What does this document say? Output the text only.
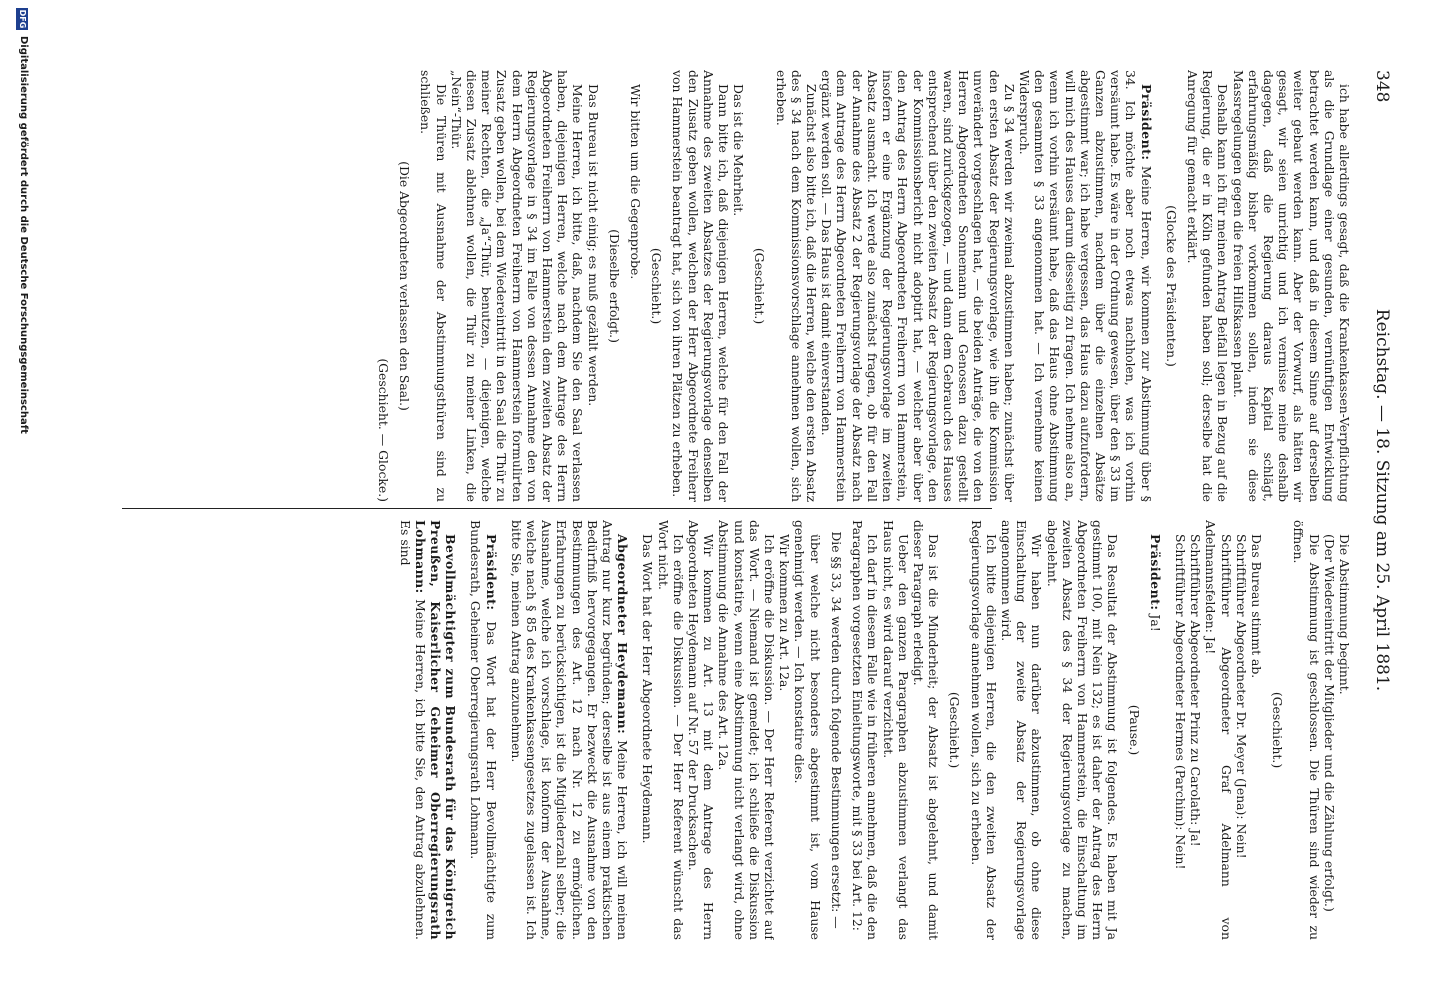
348
Reichstag. — 18. Sitzung am 25. April 1881.

ich habe allerdings gesagt, daß die Krankenkassen-Verpflichtung als die Grundlage einer gesunden, vernünftigen Entwicklung betrachtet werden kann, und daß in diesem Sinne auf derselben weiter gebaut werden kann. Aber der Vorwurf, als hätten wir gesagt, wir seien unrichtig und ich vermisse meine deshalb dagegen, daß die Regierung daraus Kapital schlägt, erfahrungsmäßig bisher vorkommen sollen, indem sie diese Massregelungen gegen die freien Hilfskassen plant.

Deshalb kann ich für meinen Antrag Beifall legen in Bezug auf die Regierung, die er in Köln gefunden haben soll; derselbe hat die Anregung für gemacht erklärt.

(Glocke des Präsidenten.)

Präsident: Meine Herren, wir kommen zur Abstimmung über § 34. Ich möchte aber noch etwas nachholen, was ich vorhin versäumt habe. Es wäre in der Ordnung gewesen, über den § 33 im Ganzen abzustimmen, nachdem über die einzelnen Absätze abgestimmt war; ich habe vergessen, das Haus dazu aufzufordern, will mich des Hauses darum diesseitig zu fragen. Ich nehme also an, wenn ich vorhin versäumt habe, daß das Haus ohne Abstimmung den gesammten § 33 angenommen hat. — Ich vernehme keinen Widerspruch.

Zu § 34 werden wir zweimal abzustimmen haben; zunächst über den ersten Absatz der Regierungsvorlage, wie ihn die Kommission unverändert vorgeschlagen hat, — die beiden Anträge, die von den Herren Abgeordneten Sonnemann und Genossen dazu gestellt waren, sind zurückgezogen, — und dann dem Gebrauch des Hauses entsprechend über den zweiten Absatz der Regierungsvorlage, den der Kommissionsbericht nicht adoptirt hat, — welcher aber über den Antrag des Herrn Abgeordneten Freiherrn von Hammerstein, insofern er eine Ergänzung der Regierungsvorlage im zweiten Absatz ausmacht. Ich werde also zunächst fragen, ob für den Fall der Annahme des Absatz 2 der Regierungsvorlage der Absatz nach dem Antrage des Herrn Abgeordneten Freiherrn von Hammerstein ergänzt werden soll. — Das Haus ist damit einverstanden.

Zunächst also bitte ich, daß die Herren, welche den ersten Absatz des § 34 nach dem Kommissionsvorschlage annehmen wollen, sich erheben.

(Geschieht.)

Das ist die Mehrheit.

Dann bitte ich, daß diejenigen Herren, welche für den Fall der Annahme des zweiten Absatzes der Regierungsvorlage denselben den Zusatz geben wollen, welchen der Herr Abgeordnete Freiherr von Hammerstein beantragt hat, sich von ihren Plätzen zu erheben.

(Geschieht.)

Wir bitten um die Gegenprobe.

(Dieselbe erfolgt.)

Das Bureau ist nicht einig; es muß gezählt werden.

Meine Herren, ich bitte, daß, nachdem Sie den Saal verlassen haben, diejenigen Herren, welche nach dem Antrage des Herrn Abgeordneten Freiherrn von Hammerstein dem zweiten Absatz der Regierungsvorlage in § 34 im Falle von dessen Annahme den von dem Herrn Abgeordneten Freiherrn von Hammerstein formulirten Zusatz geben wollen, bei dem Wiedereintritt in den Saal die Thür zu meiner Rechten, die „Ja“-Thür, benutzen, — diejenigen, welche diesen Zusatz ablehnen wollen, die Thür zu meiner Linken, die „Nein“-Thür.

Die Thüren mit Ausnahme der Abstimmungsthüren sind zu schließen.

(Die Abgeordneten verlassen den Saal.)

(Geschieht. — Glocke.)

Die Abstimmung beginnt.

(Der Wiedereintritt der Mitglieder und die Zählung erfolgt.)

Die Abstimmung ist geschlossen. Die Thüren sind wieder zu öffnen.

(Geschieht.)

Das Bureau stimmt ab.

Schriftführer Abgeordneter Dr. Meyer (Jena): Nein!

Schriftführer Abgeordneter Graf Adelmann von Adelmannsfelden: Ja!

Schriftführer Abgeordneter Prinz zu Carolath: Ja!

Schriftführer Abgeordneter Hermes (Parchim): Nein!

Präsident: Ja!

(Pause.)

Das Resultat der Abstimmung ist folgendes. Es haben mit Ja gestimmt 100, mit Nein 132; es ist daher der Antrag des Herrn Abgeordneten Freiherrn von Hammerstein, die Einschaltung im zweiten Absatz des § 34 der Regierungsvorlage zu machen, abgelehnt.

Wir haben nun darüber abzustimmen, ob ohne diese Einschaltung der zweite Absatz der Regierungsvorlage angenommen wird.

Ich bitte diejenigen Herren, die den zweiten Absatz der Regierungsvorlage annehmen wollen, sich zu erheben.

(Geschieht.)

Das ist die Minderheit; der Absatz ist abgelehnt, und damit dieser Paragraph erledigt.

Ueber den ganzen Paragraphen abzustimmen verlangt das Haus nicht, es wird darauf verzichtet.

Ich darf in diesem Falle wie in früheren annehmen, daß die den Paragraphen vorgesetzten Einleitungsworte, mit § 33 bei Art. 12:

Die §§ 33, 34 werden durch folgende Bestimmungen ersetzt: —

über welche nicht besonders abgestimmt ist, vom Hause genehmigt werden. — Ich konstatire dies.

Wir kommen zu Art. 12a.

Ich eröffne die Diskussion. — Der Herr Referent verzichtet auf das Wort. — Niemand ist gemeldet; ich schließe die Diskussion und konstatire, wenn eine Abstimmung nicht verlangt wird, ohne Abstimmung die Annahme des Art. 12a.

Wir kommen zu Art. 13 mit dem Antrage des Herrn Abgeordneten Heydemann auf Nr. 57 der Drucksachen.

Ich eröffne die Diskussion. — Der Herr Referent wünscht das Wort nicht.

Das Wort hat der Herr Abgeordnete Heydemann.

Abgeordneter Heydemann: Meine Herren, ich will meinen Antrag nur kurz begründen; derselbe ist aus einem praktischen Bedürfniß hervorgegangen. Er bezweckt die Ausnahme von den Bestimmungen des Art. 12 nach Nr. 12 zu ermöglichen. Erfahrungen zu berücksichtigen, ist die Mitgliederzahl selber; die Ausnahme, welche ich vorschlage, ist konform der Ausnahme, welche nach § 85 des Krankenkassengesetzes zugelassen ist. Ich bitte Sie, meinen Antrag anzunehmen.

Präsident: Das Wort hat der Herr Bevollmächtigte zum Bundesrath, Geheimer Oberregierungsrath Lohmann.

Bevollmächtigter zum Bundesrath für das Königreich Preußen, Kaiserlicher Geheimer Oberregierungsrath Lohmann: Meine Herren, ich bitte Sie, den Antrag abzulehnen. Es sind

DFG
Digitalisierung gefördert durch die Deutsche Forschungsgemeinschaft
